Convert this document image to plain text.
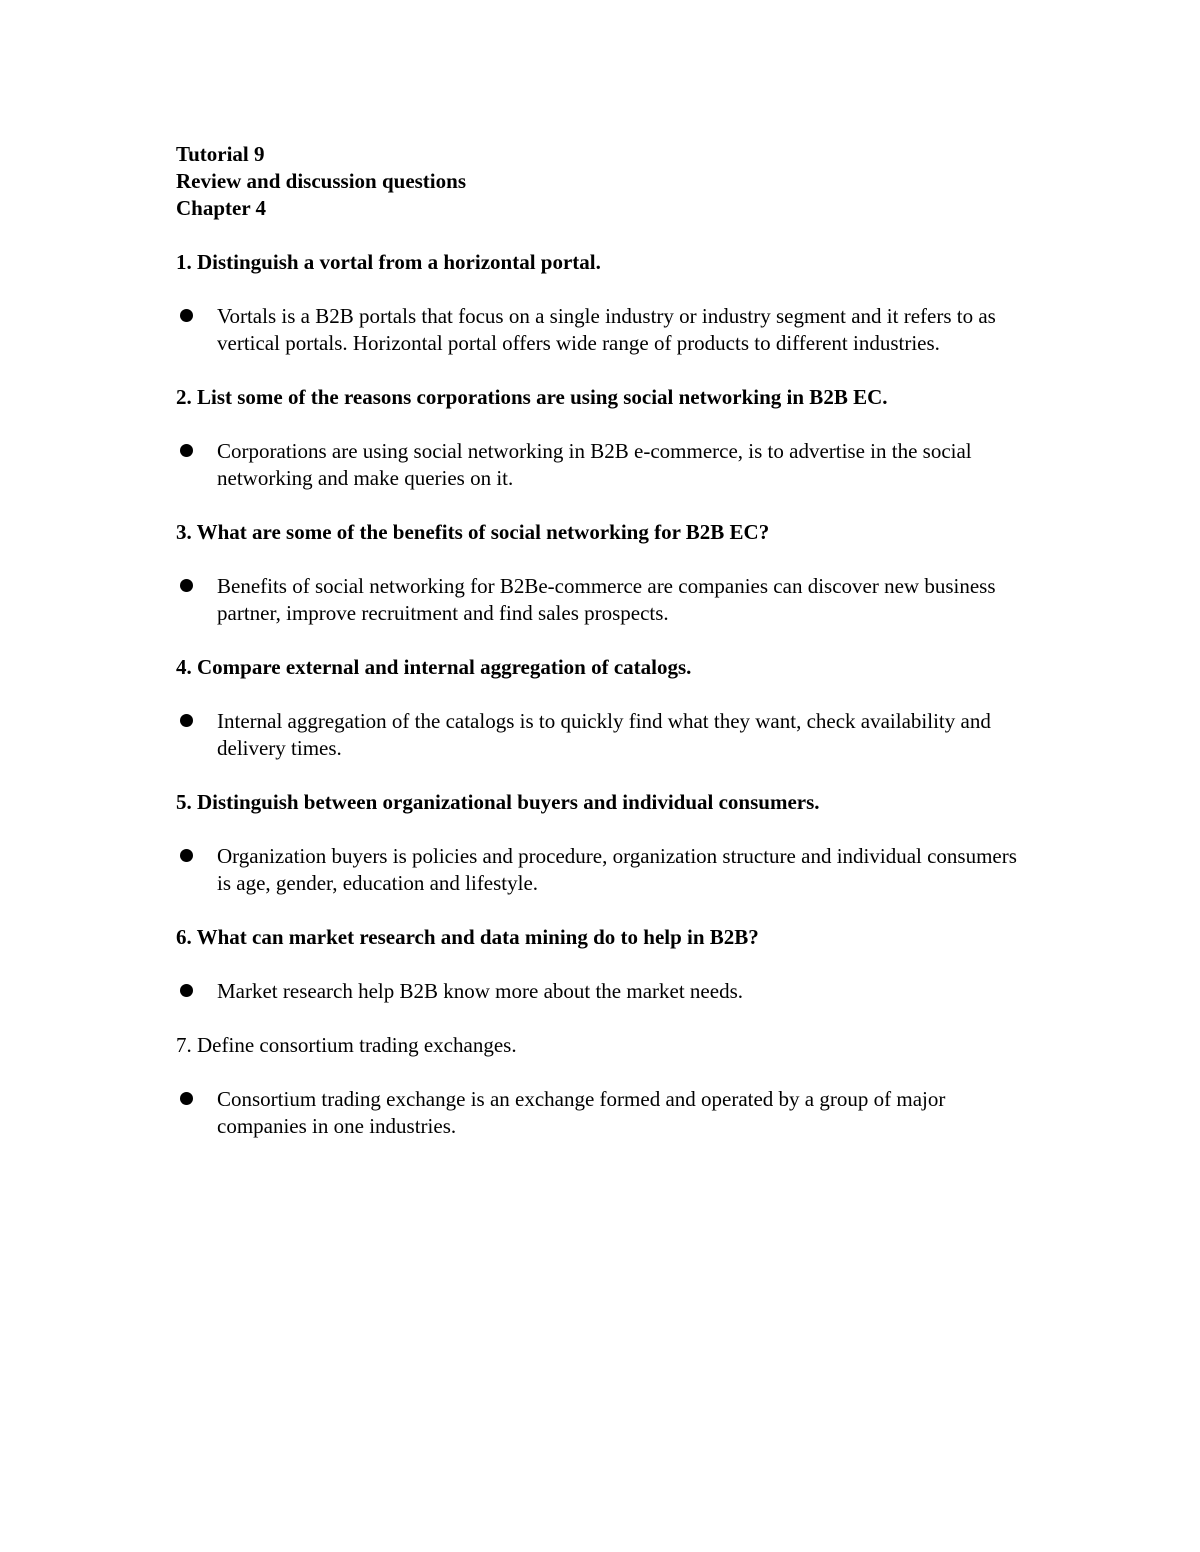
Tutorial 9

Review and discussion questions

Chapter 4

1. Distinguish a vortal from a horizontal portal.

Vortals is a B2B portals that focus on a single industry or industry segment and it refers to as vertical portals. Horizontal portal offers wide range of products to different industries.

2. List some of the reasons corporations are using social networking in B2B EC.

Corporations are using social networking in B2B e-commerce, is to advertise in the social networking and make queries on it.

3. What are some of the benefits of social networking for B2B EC?

Benefits of social networking for B2Be-commerce are companies can discover new business partner, improve recruitment and find sales prospects.

4. Compare external and internal aggregation of catalogs.

Internal aggregation of the catalogs is to quickly find what they want, check availability and delivery times.

5. Distinguish between organizational buyers and individual consumers.

Organization buyers is policies and procedure, organization structure and individual consumers is age, gender, education and lifestyle.

6. What can market research and data mining do to help in B2B?

Market research help B2B know more about the market needs.

7. Define consortium trading exchanges.

Consortium trading exchange is an exchange formed and operated by a group of major companies in one industries.
